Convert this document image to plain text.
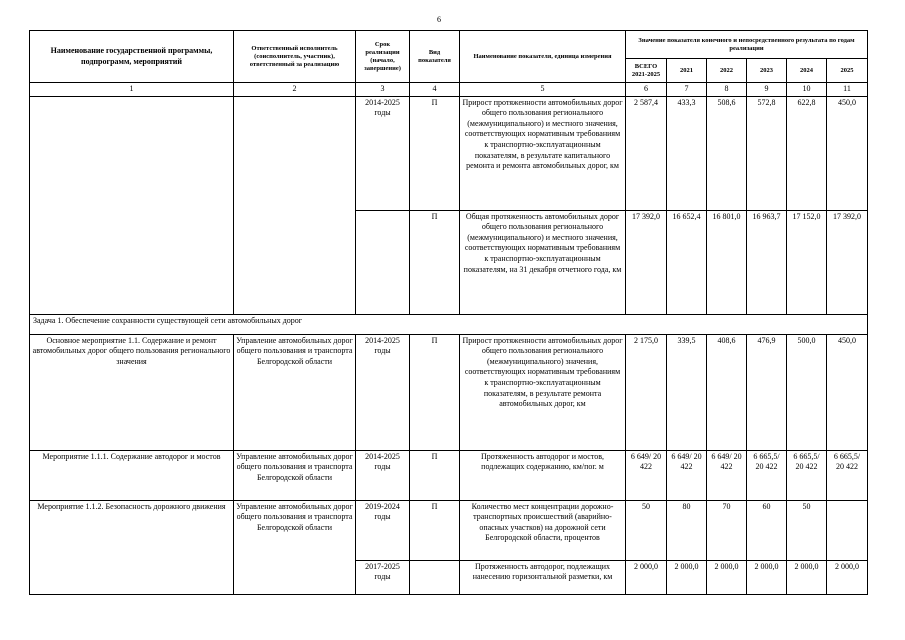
6
Наименование государственной программы, подпрограмм, мероприятий	Ответственный исполнитель (соисполнитель, участник), ответственный за реализацию	Срок реализации (начало, завершение)	Вид показателя	Наименование показателя, единица измерения	Значение показателя конечного и непосредственного результата по годам реализации					
					ВСЕГО 2021-2025	2021	2022	2023	2024	2025
1	2	3	4	5	6	7	8	9	10	11
		2014-2025 годы	П	Прирост протяженности автомобильных дорог общего пользования регионального (межмуниципального) и местного значения, соответствующих нормативным требованиям к транспортно-эксплуатационным показателям, в результате капитального ремонта и ремонта автомобильных дорог, км	2 587,4	433,3	508,6	572,8	622,8	450,0
			П	Общая протяженность автомобильных дорог общего пользования регионального (межмуниципального) и местного значения, соответствующих нормативным требованиям к транспортно-эксплуатационным показателям, на 31 декабря отчетного года, км	17 392,0	16 652,4	16 801,0	16 963,7	17 152,0	17 392,0
Задача 1. Обеспечение сохранности существующей сети автомобильных дорог										
Основное мероприятие 1.1. Содержание и ремонт автомобильных дорог общего пользования регионального значения	Управление автомобильных дорог общего пользования и транспорта Белгородской области	2014-2025 годы	П	Прирост протяженности автомобильных дорог общего пользования регионального (межмуниципального) значения, соответствующих нормативным требованиям к транспортно-эксплуатационным показателям, в результате ремонта автомобильных дорог, км	2 175,0	339,5	408,6	476,9	500,0	450,0
Мероприятие 1.1.1. Содержание автодорог и мостов	Управление автомобильных дорог общего пользования и транспорта Белгородской области	2014-2025 годы	П	Протяженность автодорог и мостов, подлежащих содержанию, км/пог. м	6 649/ 20 422	6 649/ 20 422	6 649/ 20 422	6 665,5/ 20 422	6 665,5/ 20 422	6 665,5/ 20 422
Мероприятие 1.1.2. Безопасность дорожного движения	Управление автомобильных дорог общего пользования и транспорта Белгородской области	2019-2024 годы	П	Количество мест концентрации дорожно-транспортных происшествий (аварийно-опасных участков) на дорожной сети Белгородской области, процентов	50	80	70	60	50	
		2017-2025 годы		Протяженность автодорог, подлежащих нанесению горизонтальной разметки, км	2 000,0	2 000,0	2 000,0	2 000,0	2 000,0	2 000,0
